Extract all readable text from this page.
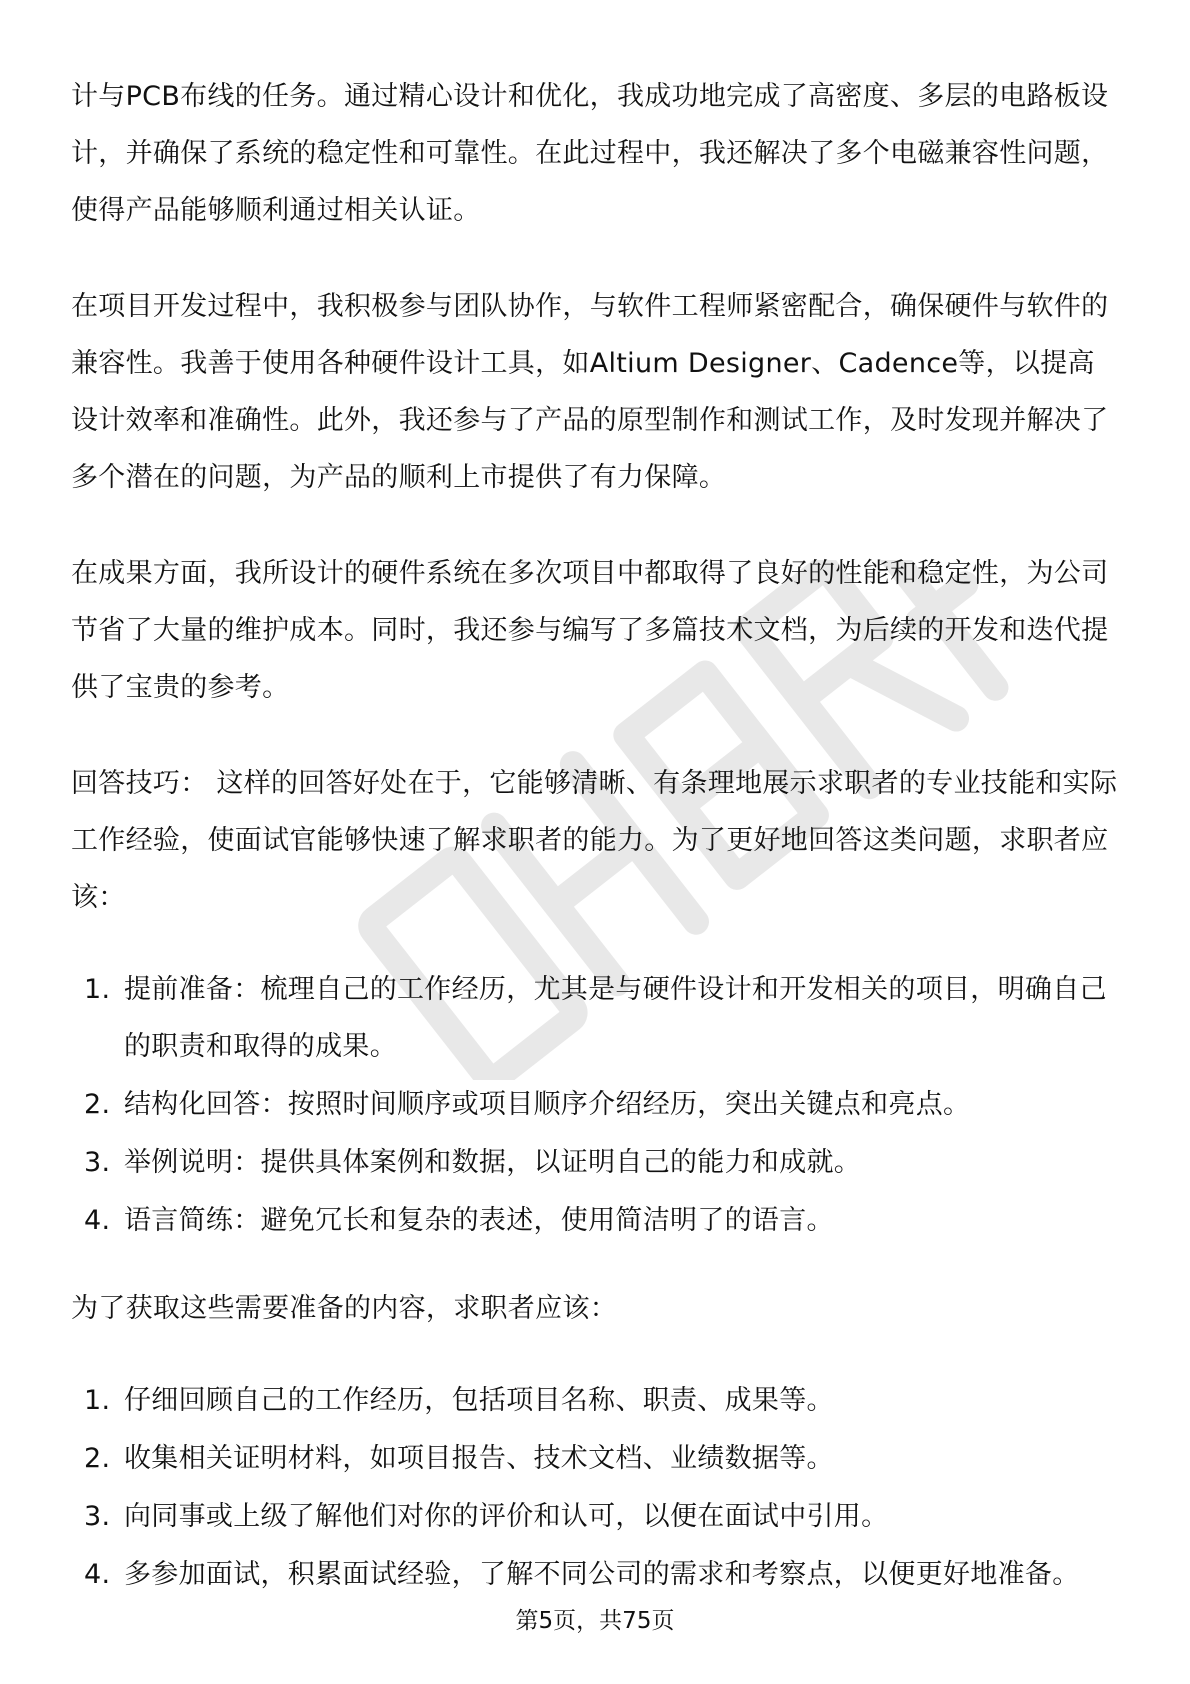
计与PCB布线的任务。通过精心设计和优化，我成功地完成了高密度、多层的电路板设计，并确保了系统的稳定性和可靠性。在此过程中，我还解决了多个电磁兼容性问题，使得产品能够顺利通过相关认证。

在项目开发过程中，我积极参与团队协作，与软件工程师紧密配合，确保硬件与软件的兼容性。我善于使用各种硬件设计工具，如Altium Designer、Cadence等，以提高设计效率和准确性。此外，我还参与了产品的原型制作和测试工作，及时发现并解决了多个潜在的问题，为产品的顺利上市提供了有力保障。

在成果方面，我所设计的硬件系统在多次项目中都取得了良好的性能和稳定性，为公司节省了大量的维护成本。同时，我还参与编写了多篇技术文档，为后续的开发和迭代提供了宝贵的参考。

回答技巧： 这样的回答好处在于，它能够清晰、有条理地展示求职者的专业技能和实际工作经验，使面试官能够快速了解求职者的能力。为了更好地回答这类问题，求职者应该：

1. 提前准备：梳理自己的工作经历，尤其是与硬件设计和开发相关的项目，明确自己的职责和取得的成果。
2. 结构化回答：按照时间顺序或项目顺序介绍经历，突出关键点和亮点。
3. 举例说明：提供具体案例和数据，以证明自己的能力和成就。
4. 语言简练：避免冗长和复杂的表述，使用简洁明了的语言。

为了获取这些需要准备的内容，求职者应该：

1. 仔细回顾自己的工作经历，包括项目名称、职责、成果等。
2. 收集相关证明材料，如项目报告、技术文档、业绩数据等。
3. 向同事或上级了解他们对你的评价和认可，以便在面试中引用。
4. 多参加面试，积累面试经验，了解不同公司的需求和考察点，以便更好地准备。
第5页，共75页
